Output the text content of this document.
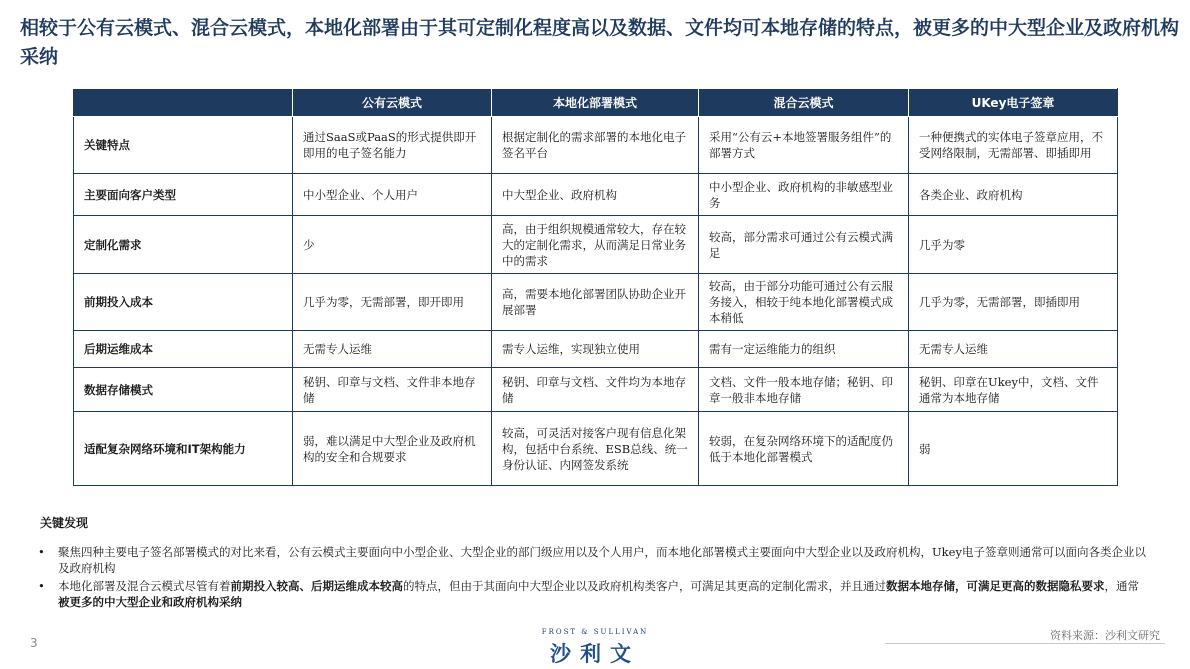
相较于公有云模式、混合云模式，本地化部署由于其可定制化程度高以及数据、文件均可本地存储的特点，被更多的中大型企业及政府机构采纳
	公有云模式	本地化部署模式	混合云模式	UKey电子签章
关键特点	通过SaaS或PaaS的形式提供即开即用的电子签名能力	根据定制化的需求部署的本地化电子签名平台	采用“公有云+本地签署服务组件”的部署方式	一种便携式的实体电子签章应用，不受网络限制，无需部署、即插即用
主要面向客户类型	中小型企业、个人用户	中大型企业、政府机构	中小型企业、政府机构的非敏感型业务	各类企业、政府机构
定制化需求	少	高，由于组织规模通常较大，存在较大的定制化需求，从而满足日常业务中的需求	较高，部分需求可通过公有云模式满足	几乎为零
前期投入成本	几乎为零，无需部署，即开即用	高，需要本地化部署团队协助企业开展部署	较高，由于部分功能可通过公有云服务接入，相较于纯本地化部署模式成本稍低	几乎为零，无需部署，即插即用
后期运维成本	无需专人运维	需专人运维，实现独立使用	需有一定运维能力的组织	无需专人运维
数据存储模式	秘钥、印章与文档、文件非本地存储	秘钥、印章与文档、文件均为本地存储	文档、文件一般本地存储；秘钥、印章一般非本地存储	秘钥、印章在Ukey中，文档、文件通常为本地存储
适配复杂网络环境和IT架构能力	弱，难以满足中大型企业及政府机构的安全和合规要求	较高，可灵活对接客户现有信息化架构，包括中台系统、ESB总线、统一身份认证、内网签发系统	较弱，在复杂网络环境下的适配度仍低于本地化部署模式	弱
关键发现
• 聚焦四种主要电子签名部署模式的对比来看，公有云模式主要面向中小型企业、大型企业的部门级应用以及个人用户，而本地化部署模式主要面向中大型企业以及政府机构，Ukey电子签章则通常可以面向各类企业以及政府机构
• 本地化部署及混合云模式尽管有着前期投入较高、后期运维成本较高的特点，但由于其面向中大型企业以及政府机构类客户，可满足其更高的定制化需求，并且通过数据本地存储，可满足更高的数据隐私要求，通常被更多的中大型企业和政府机构采纳
3
FROST & SULLIVAN
沙利文
资料来源：沙利文研究
